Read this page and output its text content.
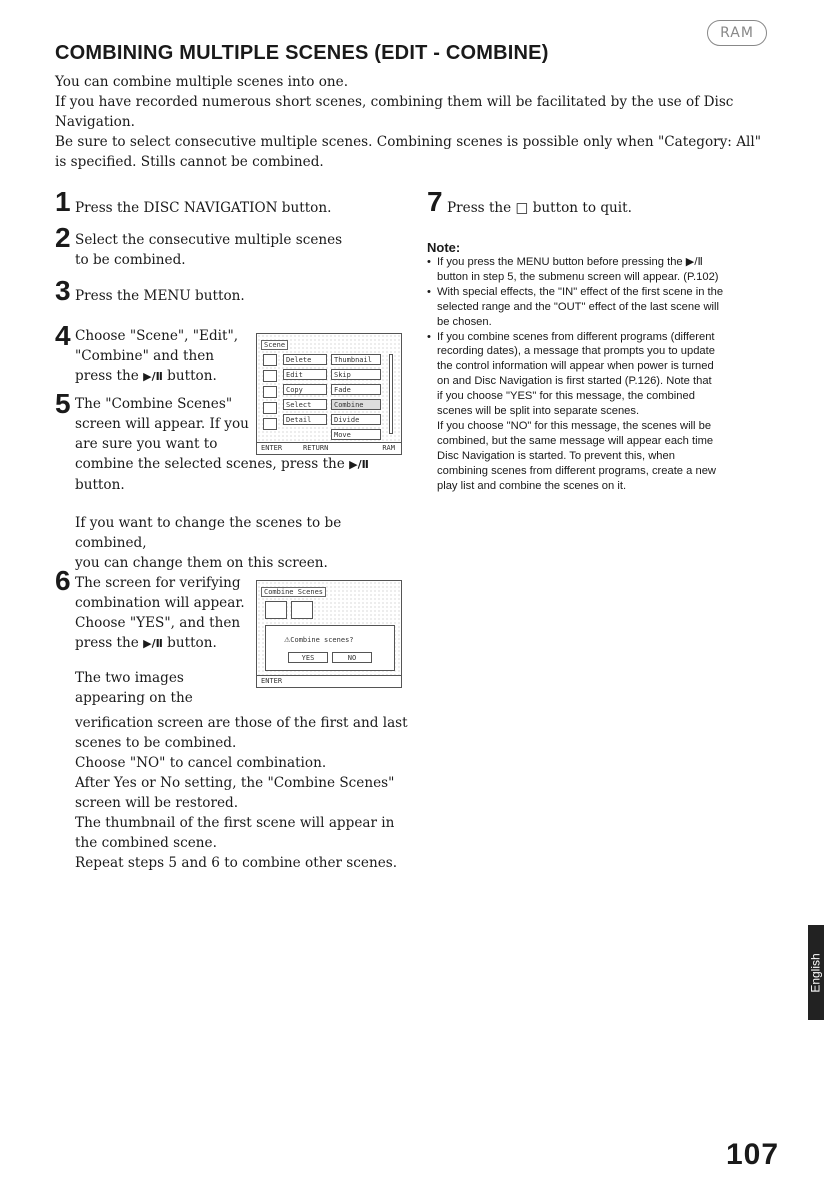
RAM
COMBINING MULTIPLE SCENES (EDIT - COMBINE)

You can combine multiple scenes into one.

If you have recorded numerous short scenes, combining them will be facilitated by the use of Disc Navigation.

Be sure to select consecutive multiple scenes. Combining scenes is possible only when "Category: All" is specified. Stills cannot be combined.

1 Press the DISC NAVIGATION button.
2 Select the consecutive multiple scenes to be combined.
3 Press the MENU button.
4 Choose "Scene", "Edit",
"Combine" and then
press the ▶/Ⅱ button.
5 The "Combine Scenes"
screen will appear. If you
are sure you want to
combine the selected scenes, press the ▶/Ⅱ
button.
If you want to change the scenes to be combined,
you can change them on this screen.
Scene
Delete	Thumbnail
Edit	Skip
Copy	Fade
Select	Combine
Detail	Divide
Move
ENTER	RETURN	RAM
6 The screen for verifying
combination will appear.
Choose "YES", and then
press the ▶/Ⅱ button.
The two images
appearing on the
verification screen are those of the first and last
scenes to be combined.
Choose "NO" to cancel combination.
After Yes or No setting, the "Combine Scenes"
screen will be restored.
The thumbnail of the first scene will appear in
the combined scene.
Repeat steps 5 and 6 to combine other scenes.
Combine Scenes
⚠Combine scenes?
YES	NO
ENTER
7 Press the □ button to quit.
Note:
• If you press the MENU button before pressing the ▶/Ⅱ
button in step 5, the submenu screen will appear. (P.102)
• With special effects, the "IN" effect of the first scene in the
selected range and the "OUT" effect of the last scene will
be chosen.
• If you combine scenes from different programs (different
recording dates), a message that prompts you to update
the control information will appear when power is turned
on and Disc Navigation is first started (P.126). Note that
if you choose "YES" for this message, the combined
scenes will be split into separate scenes.
If you choose "NO" for this message, the scenes will be
combined, but the same message will appear each time
Disc Navigation is started. To prevent this, when
combining scenes from different programs, create a new
play list and combine the scenes on it.
English
107
